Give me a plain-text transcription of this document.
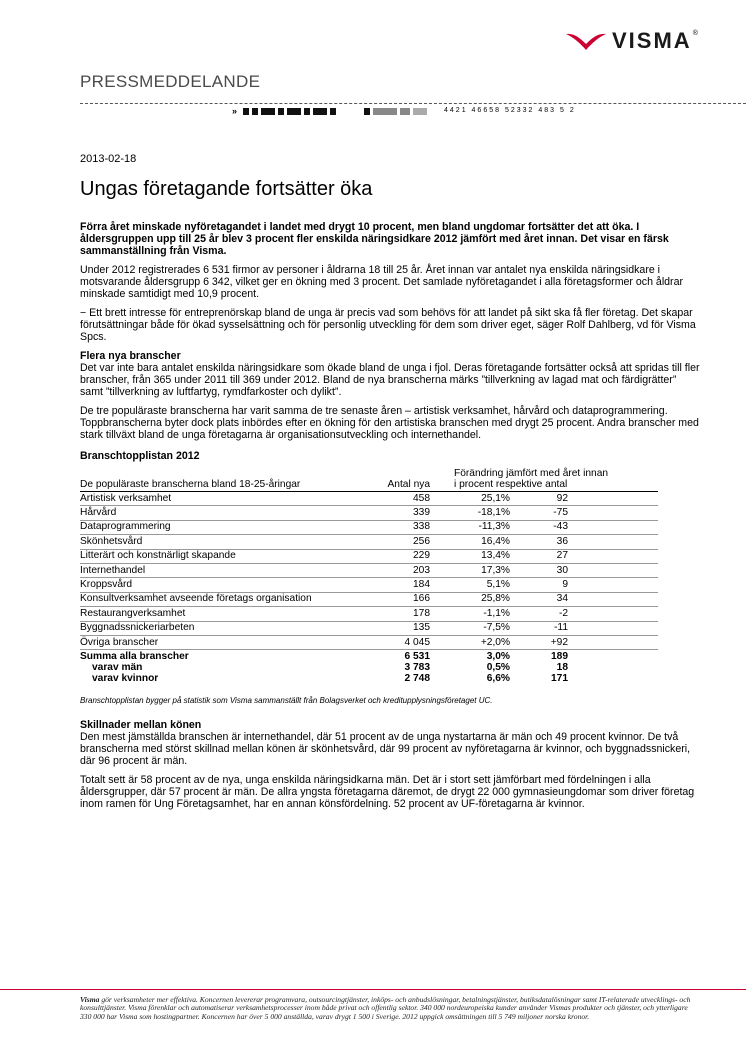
VISMA ®
PRESSMEDDELANDE
»	4421 46658 52332 483 5 2
2013-02-18
Ungas företagande fortsätter öka

Förra året minskade nyföretagandet i landet med drygt 10 procent, men bland ungdomar fortsätter det att öka. I åldersgruppen upp till 25 år blev 3 procent fler enskilda näringsidkare 2012 jämfört med året innan. Det visar en färsk sammanställning från Visma.

Under 2012 registrerades 6 531 firmor av personer i åldrarna 18 till 25 år. Året innan var antalet nya enskilda näringsidkare i motsvarande åldersgrupp 6 342, vilket ger en ökning med 3 procent. Det samlade nyföretagandet i alla företagsformer och åldrar minskade samtidigt med 10,9 procent.

− Ett brett intresse för entreprenörskap bland de unga är precis vad som behövs för att landet på sikt ska få fler företag. Det skapar förutsättningar både för ökad sysselsättning och för personlig utveckling för dem som driver eget, säger Rolf Dahlberg, vd för Visma Spcs.

Flera nya branscher

Det var inte bara antalet enskilda näringsidkare som ökade bland de unga i fjol. Deras företagande fortsätter också att spridas till fler branscher, från 365 under 2011 till 369 under 2012. Bland de nya branscherna märks ”tillverkning av lagad mat och färdigrätter” samt ”tillverkning av luftfartyg, rymdfarkoster och dylikt”.

De tre populäraste branscherna har varit samma de tre senaste åren – artistisk verksamhet, hårvård och dataprogrammering. Toppbranscherna byter dock plats inbördes efter en ökning för den artistiska branschen med drygt 25 procent. Andra branscher med stark tillväxt bland de unga företagarna är organisationsutveckling och internethandel.

Branschtopplistan 2012
De populäraste branscherna bland 18-25-åringar	Antal nya	Förändring jämfört med året innan
i procent respektive antal		

Artistisk verksamhet	458	25,1%	92	
Hårvård	339	-18,1%	-75	
Dataprogrammering	338	-11,3%	-43	
Skönhetsvård	256	16,4%	36	
Litterärt och konstnärligt skapande	229	13,4%	27	
Internethandel	203	17,3%	30	
Kroppsvård	184	5,1%	9	
Konsultverksamhet avseende företags organisation	166	25,8%	34	
Restaurangverksamhet	178	-1,1%	-2	
Byggnadssnickeriarbeten	135	-7,5%	-11	
Övriga branscher	4 045	+2,0%	+92	
Summa alla branscher	6 531	3,0%	189	
varav män	3 783	0,5%	18	
varav kvinnor	2 748	6,6%	171	
Branschtopplistan bygger på statistik som Visma sammanställt från Bolagsverket och kreditupplysningsföretaget UC.
Skillnader mellan könen

Den mest jämställda branschen är internethandel, där 51 procent av de unga nystartarna är män och 49 procent kvinnor. De två branscherna med störst skillnad mellan könen är skönhetsvård, där 99 procent av nyföretagarna är kvinnor, och byggnadssnickeri, där 96 procent är män.

Totalt sett är 58 procent av de nya, unga enskilda näringsidkarna män. Det är i stort sett jämförbart med fördelningen i alla åldersgrupper, där 57 procent är män. De allra yngsta företagarna däremot, de drygt 22 000 gymnasieungdomar som driver företag inom ramen för Ung Företagsamhet, har en annan könsfördelning. 52 procent av UF-företagarna är kvinnor.

Visma gör verksamheter mer effektiva. Koncernen levererar programvara, outsourcingtjänster, inköps- och anbudslösningar, betalningstjänster, butiksdatalösningar samt IT-relaterade utvecklings- och konsulttjänster. Visma förenklar och automatiserar verksamhetsprocesser inom både privat och offentlig sektor. 340 000 nordeuropeiska kunder använder Vismas produkter och tjänster, och ytterligare 330 000 har Visma som hostingpartner. Koncernen har över 5 000 anställda, varav drygt 1 500 i Sverige. 2012 uppgick omsättningen till 5 749 miljoner norska kronor.
